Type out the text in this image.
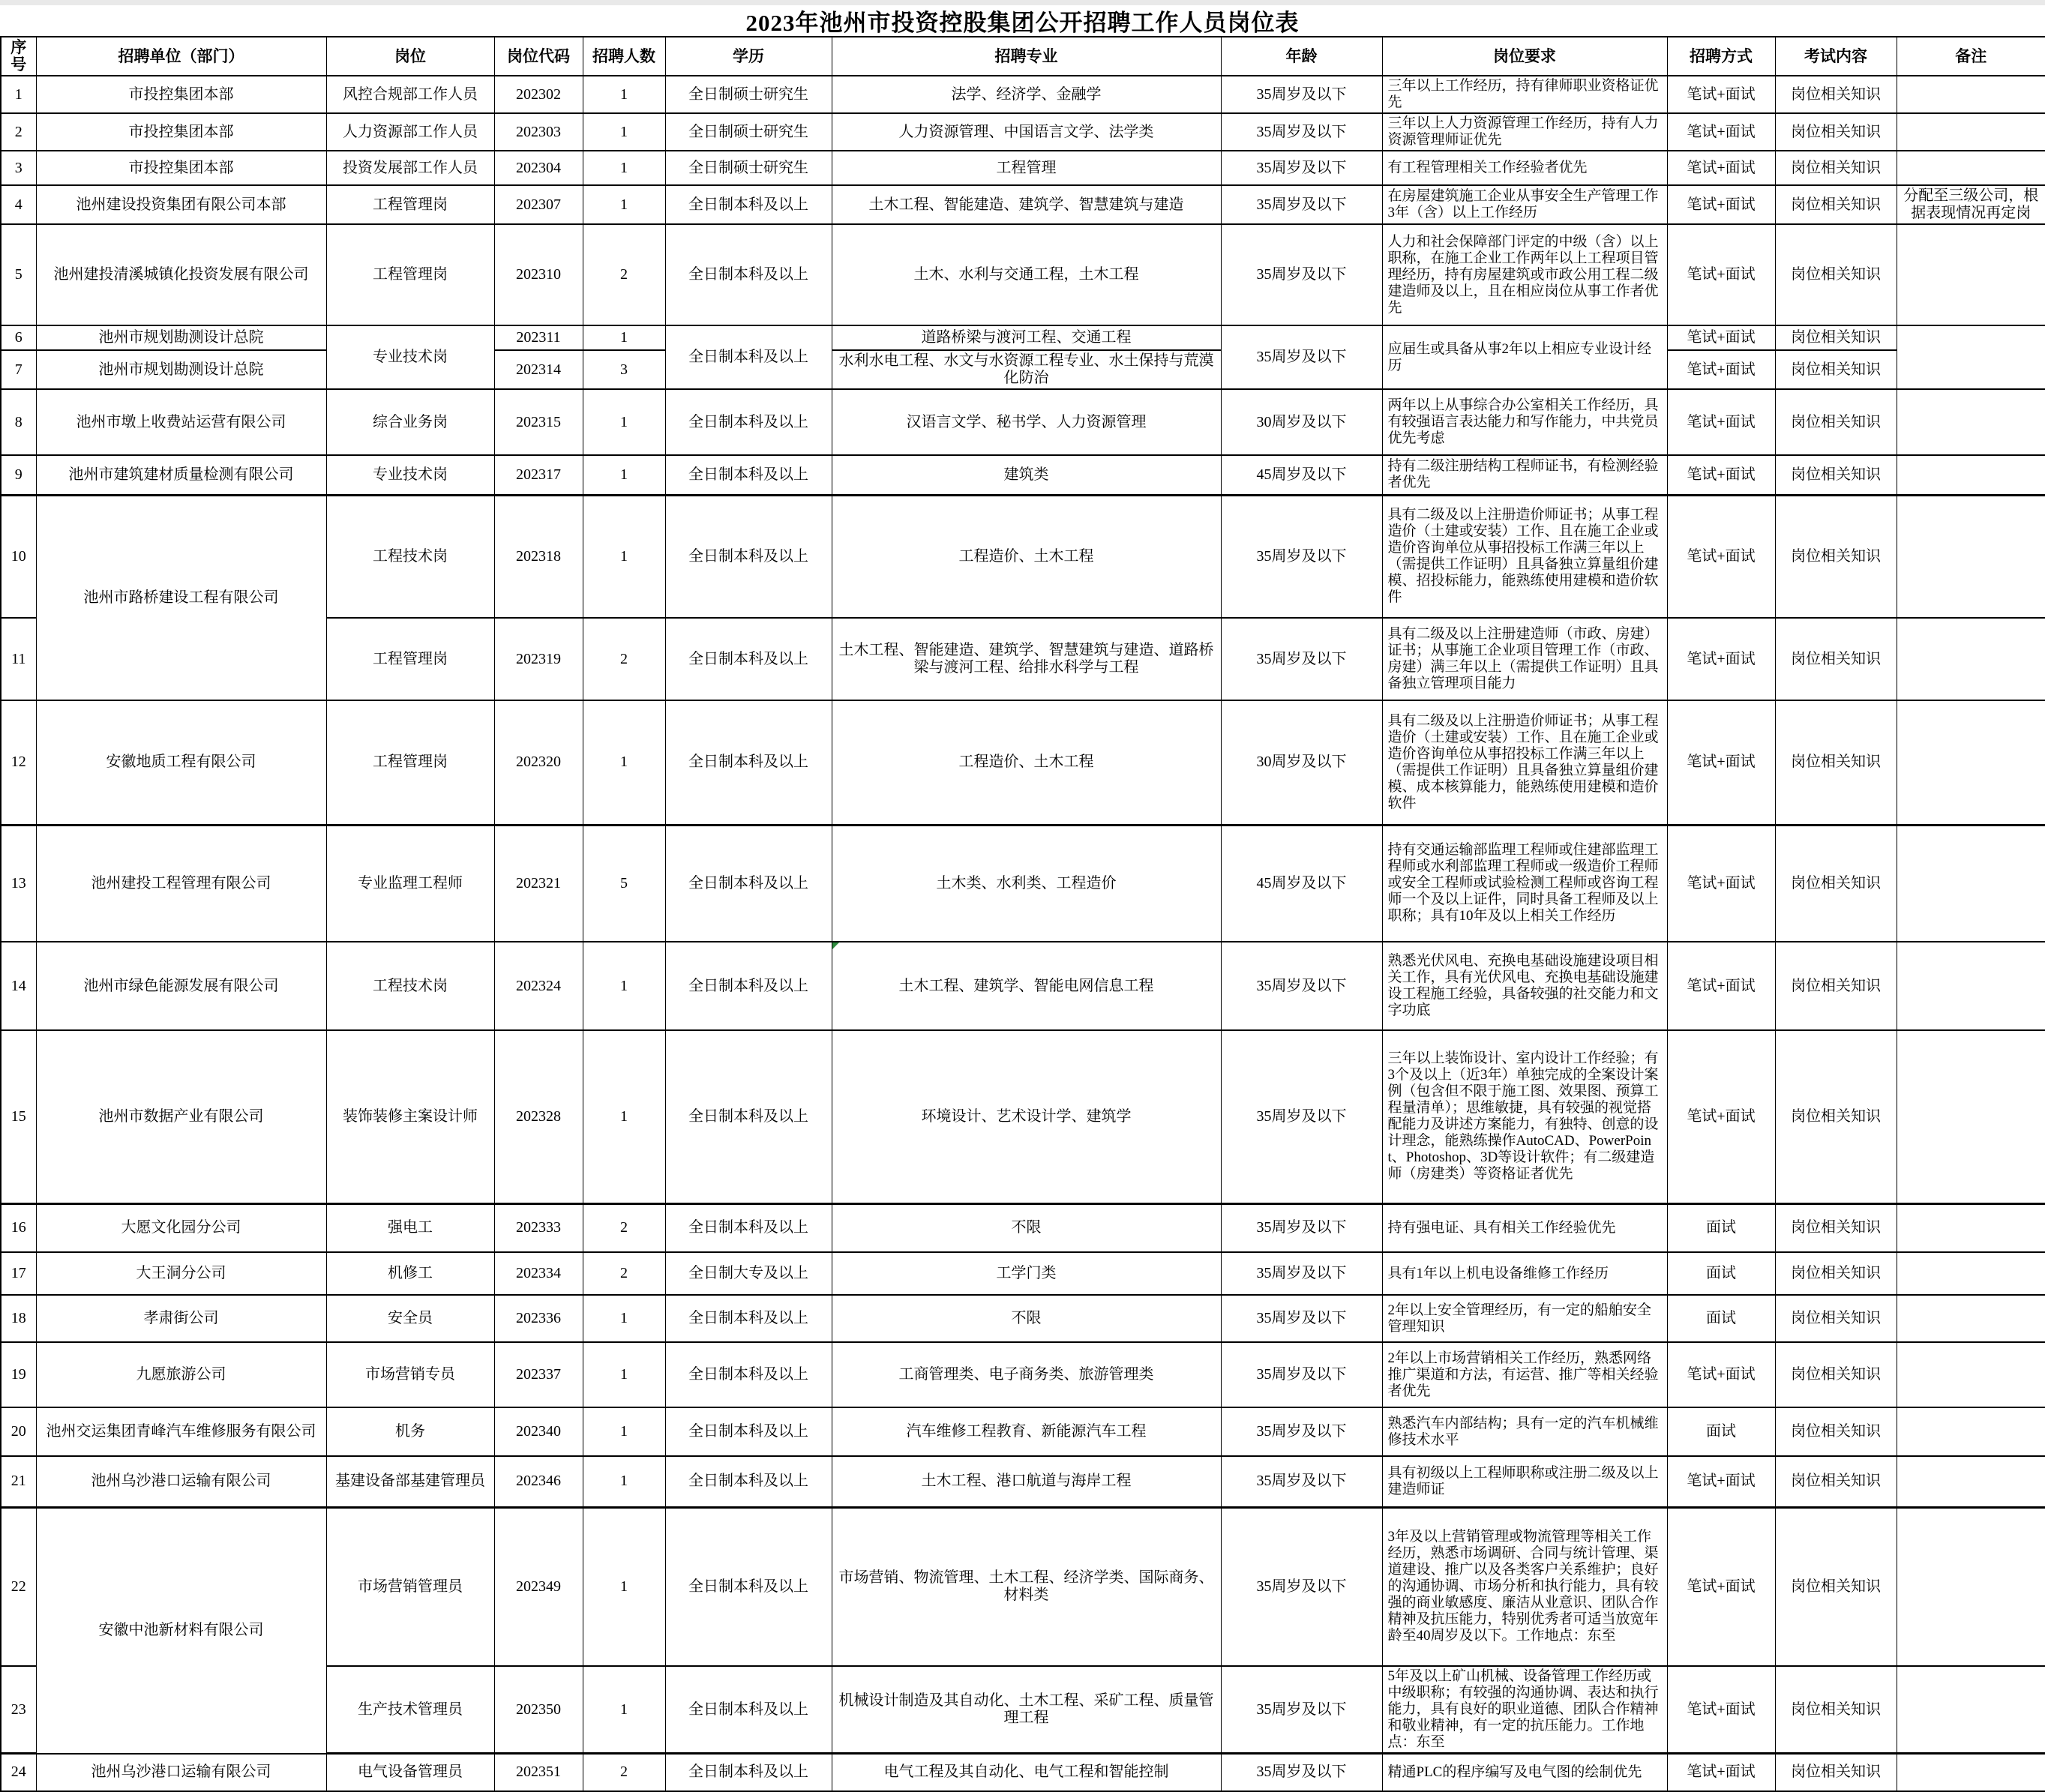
2023年池州市投资控股集团公开招聘工作人员岗位表
序号	招聘单位（部门）	岗位	岗位代码	招聘人数	学历	招聘专业	年龄	岗位要求	招聘方式	考试内容	备注
1	市投控集团本部	风控合规部工作人员	202302	1	全日制硕士研究生	法学、经济学、金融学	35周岁及以下	三年以上工作经历，持有律师职业资格证优先	笔试+面试	岗位相关知识	
2	市投控集团本部	人力资源部工作人员	202303	1	全日制硕士研究生	人力资源管理、中国语言文学、法学类	35周岁及以下	三年以上人力资源管理工作经历，持有人力资源管理师证优先	笔试+面试	岗位相关知识	
3	市投控集团本部	投资发展部工作人员	202304	1	全日制硕士研究生	工程管理	35周岁及以下	有工程管理相关工作经验者优先	笔试+面试	岗位相关知识	
4	池州建设投资集团有限公司本部	工程管理岗	202307	1	全日制本科及以上	土木工程、智能建造、建筑学、智慧建筑与建造	35周岁及以下	在房屋建筑施工企业从事安全生产管理工作3年（含）以上工作经历	笔试+面试	岗位相关知识	分配至三级公司，根据表现情况再定岗
5	池州建投清溪城镇化投资发展有限公司	工程管理岗	202310	2	全日制本科及以上	土木、水利与交通工程，土木工程	35周岁及以下	人力和社会保障部门评定的中级（含）以上职称，在施工企业工作两年以上工程项目管理经历，持有房屋建筑或市政公用工程二级建造师及以上，且在相应岗位从事工作者优先	笔试+面试	岗位相关知识	
6	池州市规划勘测设计总院	专业技术岗	202311	1	全日制本科及以上	道路桥梁与渡河工程、交通工程	35周岁及以下	应届生或具备从事2年以上相应专业设计经历	笔试+面试	岗位相关知识	
7	池州市规划勘测设计总院		202314	3		水利水电工程、水文与水资源工程专业、水土保持与荒漠化防治			笔试+面试	岗位相关知识	
8	池州市墩上收费站运营有限公司	综合业务岗	202315	1	全日制本科及以上	汉语言文学、秘书学、人力资源管理	30周岁及以下	两年以上从事综合办公室相关工作经历，具有较强语言表达能力和写作能力，中共党员优先考虑	笔试+面试	岗位相关知识	
9	池州市建筑建材质量检测有限公司	专业技术岗	202317	1	全日制本科及以上	建筑类	45周岁及以下	持有二级注册结构工程师证书，有检测经验者优先	笔试+面试	岗位相关知识	
10	池州市路桥建设工程有限公司	工程技术岗	202318	1	全日制本科及以上	工程造价、土木工程	35周岁及以下	具有二级及以上注册造价师证书；从事工程造价（土建或安装）工作、且在施工企业或造价咨询单位从事招投标工作满三年以上（需提供工作证明）且具备独立算量组价建模、招投标能力，能熟练使用建模和造价软件	笔试+面试	岗位相关知识	
11		工程管理岗	202319	2	全日制本科及以上	土木工程、智能建造、建筑学、智慧建筑与建造、道路桥梁与渡河工程、给排水科学与工程	35周岁及以下	具有二级及以上注册建造师（市政、房建）证书；从事施工企业项目管理工作（市政、房建）满三年以上（需提供工作证明）且具备独立管理项目能力	笔试+面试	岗位相关知识	
12	安徽地质工程有限公司	工程管理岗	202320	1	全日制本科及以上	工程造价、土木工程	30周岁及以下	具有二级及以上注册造价师证书；从事工程造价（土建或安装）工作、且在施工企业或造价咨询单位从事招投标工作满三年以上（需提供工作证明）且具备独立算量组价建模、成本核算能力，能熟练使用建模和造价软件	笔试+面试	岗位相关知识	
13	池州建投工程管理有限公司	专业监理工程师	202321	5	全日制本科及以上	土木类、水利类、工程造价	45周岁及以下	持有交通运输部监理工程师或住建部监理工程师或水利部监理工程师或一级造价工程师或安全工程师或试验检测工程师或咨询工程师一个及以上证件，同时具备工程师及以上职称；具有10年及以上相关工作经历	笔试+面试	岗位相关知识	
14	池州市绿色能源发展有限公司	工程技术岗	202324	1	全日制本科及以上	土木工程、建筑学、智能电网信息工程	35周岁及以下	熟悉光伏风电、充换电基础设施建设项目相关工作，具有光伏风电、充换电基础设施建设工程施工经验，具备较强的社交能力和文字功底	笔试+面试	岗位相关知识	
15	池州市数据产业有限公司	装饰装修主案设计师	202328	1	全日制本科及以上	环境设计、艺术设计学、建筑学	35周岁及以下	三年以上装饰设计、室内设计工作经验；有3个及以上（近3年）单独完成的全案设计案例（包含但不限于施工图、效果图、预算工程量清单）；思维敏捷，具有较强的视觉搭配能力及讲述方案能力，有独特、创意的设计理念，能熟练操作AutoCAD、PowerPoint、Photoshop、3D等设计软件；有二级建造师（房建类）等资格证者优先	笔试+面试	岗位相关知识	
16	大愿文化园分公司	强电工	202333	2	全日制本科及以上	不限	35周岁及以下	持有强电证、具有相关工作经验优先	面试	岗位相关知识	
17	大王洞分公司	机修工	202334	2	全日制大专及以上	工学门类	35周岁及以下	具有1年以上机电设备维修工作经历	面试	岗位相关知识	
18	孝肃街公司	安全员	202336	1	全日制本科及以上	不限	35周岁及以下	2年以上安全管理经历，有一定的船舶安全管理知识	面试	岗位相关知识	
19	九愿旅游公司	市场营销专员	202337	1	全日制本科及以上	工商管理类、电子商务类、旅游管理类	35周岁及以下	2年以上市场营销相关工作经历，熟悉网络推广渠道和方法，有运营、推广等相关经验者优先	笔试+面试	岗位相关知识	
20	池州交运集团青峰汽车维修服务有限公司	机务	202340	1	全日制本科及以上	汽车维修工程教育、新能源汽车工程	35周岁及以下	熟悉汽车内部结构；具有一定的汽车机械维修技术水平	面试	岗位相关知识	
21	池州乌沙港口运输有限公司	基建设备部基建管理员	202346	1	全日制本科及以上	土木工程、港口航道与海岸工程	35周岁及以下	具有初级以上工程师职称或注册二级及以上建造师证	笔试+面试	岗位相关知识	
22	安徽中池新材料有限公司	市场营销管理员	202349	1	全日制本科及以上	市场营销、物流管理、土木工程、经济学类、国际商务、材料类	35周岁及以下	3年及以上营销管理或物流管理等相关工作经历，熟悉市场调研、合同与统计管理、渠道建设、推广以及各类客户关系维护；良好的沟通协调、市场分析和执行能力，具有较强的商业敏感度、廉洁从业意识、团队合作精神及抗压能力，特别优秀者可适当放宽年龄至40周岁及以下。工作地点：东至	笔试+面试	岗位相关知识	
23		生产技术管理员	202350	1	全日制本科及以上	机械设计制造及其自动化、土木工程、采矿工程、质量管理工程	35周岁及以下	5年及以上矿山机械、设备管理工作经历或中级职称；有较强的沟通协调、表达和执行能力，具有良好的职业道德、团队合作精神和敬业精神，有一定的抗压能力。工作地点：东至	笔试+面试	岗位相关知识	
24	池州乌沙港口运输有限公司	电气设备管理员	202351	2	全日制本科及以上	电气工程及其自动化、电气工程和智能控制	35周岁及以下	精通PLC的程序编写及电气图的绘制优先	笔试+面试	岗位相关知识	
